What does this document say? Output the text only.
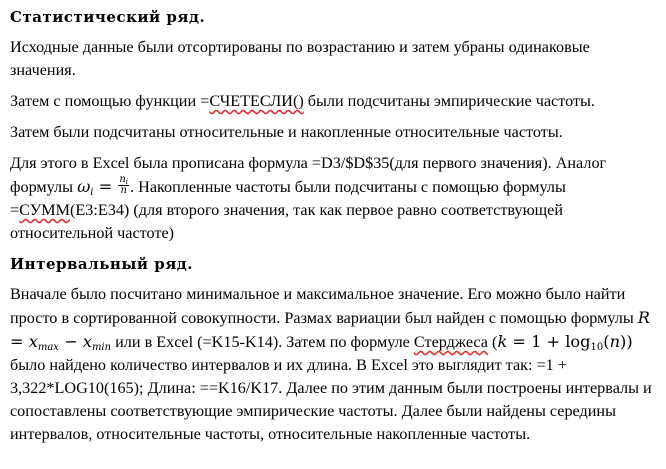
Статистический ряд.

Исходные данные были отсортированы по возрастанию и затем убраны одинаковые значения.

Затем с помощью функции =СЧЕТЕСЛИ() были подсчитаны эмпирические частоты.

Затем были подсчитаны относительные и накопленные относительные частоты.

Для этого в Excel была прописана формула =D3/$D$35(для первого значения). Аналог формулы $\omega_i = \frac{n_i}{n}$ . Накопленные частоты были подсчитаны с помощью формулы =СУММ(E3:E34) (для второго значения, так как первое равно соответствующей относительной частоте)

Интервальный ряд.

Вначале было посчитано минимальное и максимальное значение. Его можно было найти просто в сортированной совокупности. Размах вариации был найден с помощью формулы $R = x_{max} - x_{min}$ или в Excel (=K15-K14). Затем по формуле Стерджеса $(k = 1 + \log_{10}(n))$ было найдено количество интервалов и их длина. В Excel это выглядит так: =1 + 3,322*LOG10(165); Длина: ==K16/K17. Далее по этим данным были построены интервалы и сопоставлены соответствующие эмпирические частоты. Далее были найдены середины интервалов, относительные частоты, относительные накопленные частоты.
